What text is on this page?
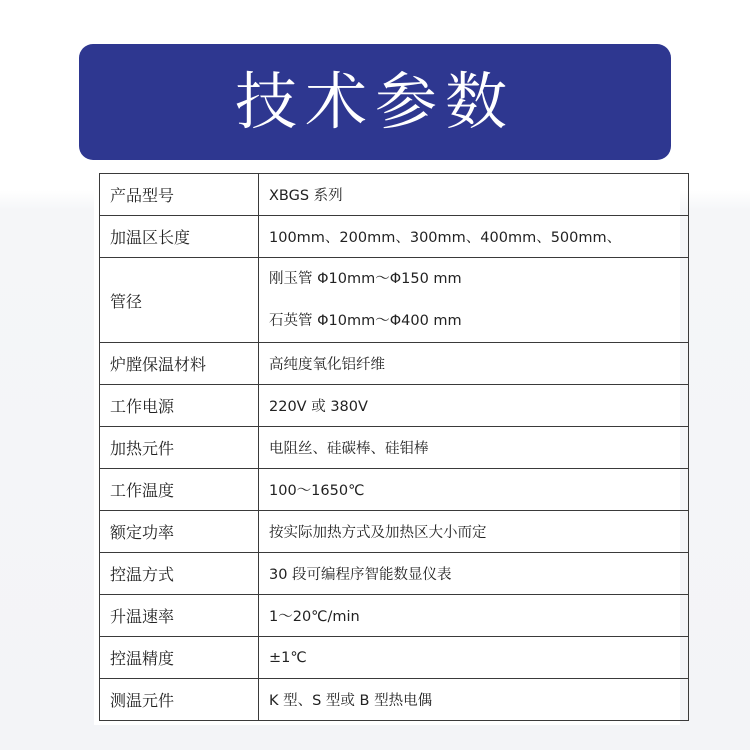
技术参数
产品型号	XBGS 系列
加温区长度	100mm、200mm、300mm、400mm、500mm、
管径	刚玉管 Φ10mm～Φ150 mm
石英管 Φ10mm～Φ400 mm

炉膛保温材料	高纯度氧化铝纤维
工作电源	220V 或 380V
加热元件	电阻丝、硅碳棒、硅钼棒
工作温度	100～1650℃
额定功率	按实际加热方式及加热区大小而定
控温方式	30 段可编程序智能数显仪表
升温速率	1～20℃/min
控温精度	±1℃
测温元件	K 型、S 型或 B 型热电偶
